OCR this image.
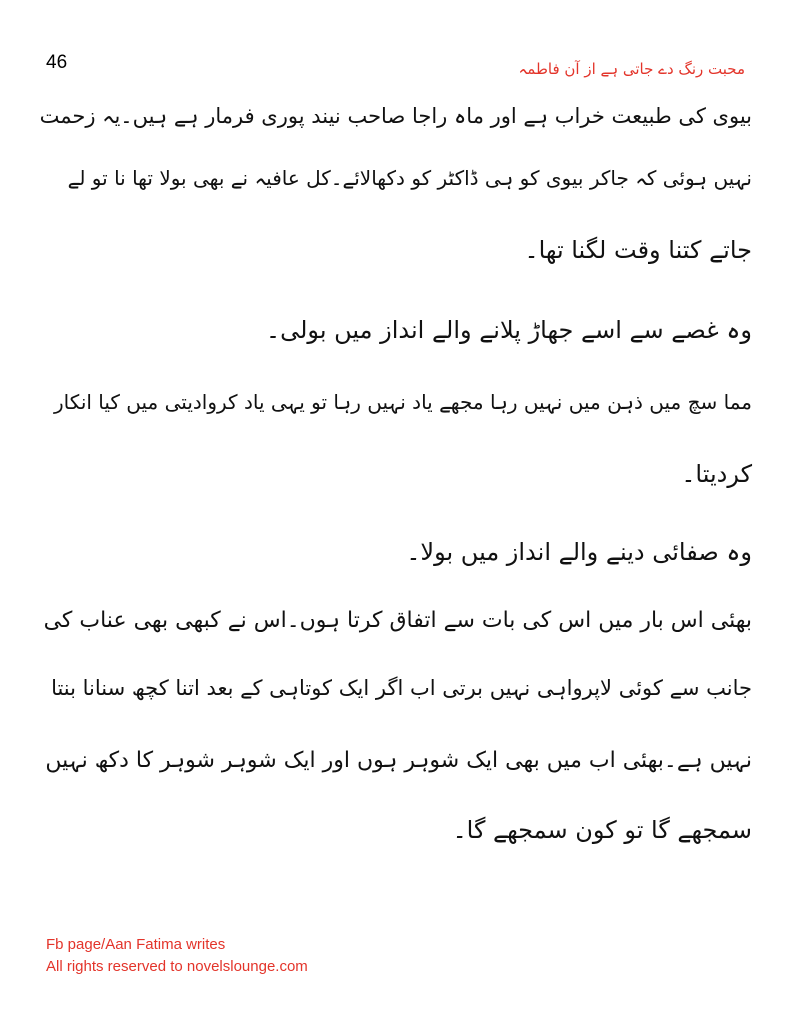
46	محبت رنگ دے جاتی ہے از آن فاطمہ
بیوی کی طبیعت خراب ہے اور ماہ راجا صاحب نیند پوری فرمار ہے ہیں۔یہ زحمت
نہیں ہوئی کہ جاکر بیوی کو ہی ڈاکٹر کو دکھالائے۔کل عافیہ نے بھی بولا تھا نا تو لے
جاتے کتنا وقت لگنا تھا۔
وہ غصے سے اسے جھاڑ پلانے والے انداز میں بولی۔
مما سچ میں ذہن میں نہیں رہا مجھے یاد نہیں رہا تو یہی یاد کروادیتی میں کیا انکار
کردیتا۔
وہ صفائی دینے والے انداز میں بولا۔
بھئی اس بار میں اس کی بات سے اتفاق کرتا ہوں۔اس نے کبھی بھی عناب کی
جانب سے کوئی لاپرواہی نہیں برتی اب اگر ایک کوتاہی کے بعد اتنا کچھ سنانا بنتا
نہیں ہے۔بھئی اب میں بھی ایک شوہر ہوں اور ایک شوہر شوہر کا دکھ نہیں
سمجھے گا تو کون سمجھے گا۔
Fb page/Aan Fatima writes
All rights reserved to novelslounge.com
